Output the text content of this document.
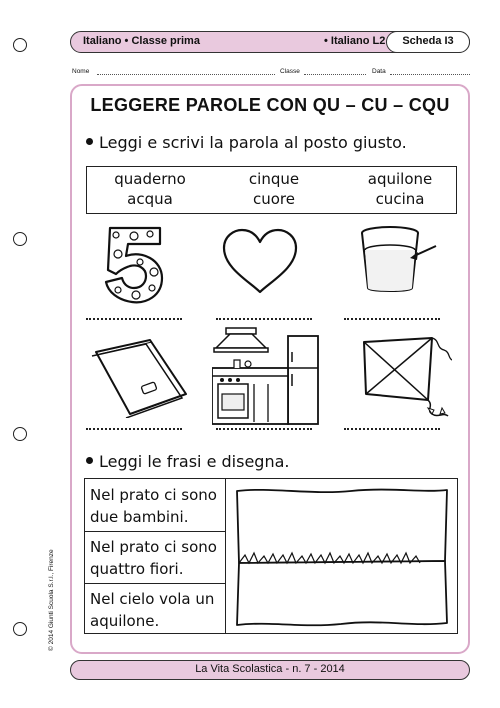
Italiano • Classe prima	• Italiano L2	Scheda I3
Nome	Classe	Data
LEGGERE PAROLE CON QU – CU – CQU
Leggi e scrivi la parola al posto giusto.
quaderno	cinque	aquilone
acqua	cuore	cucina
Leggi le frasi e disegna.
Nel prato ci sono
due bambini.
Nel prato ci sono
quattro fiori.
Nel cielo vola un
aquilone.
La Vita Scolastica - n. 7 - 2014
© 2014 Giunti Scuola S.r.l., Firenze
